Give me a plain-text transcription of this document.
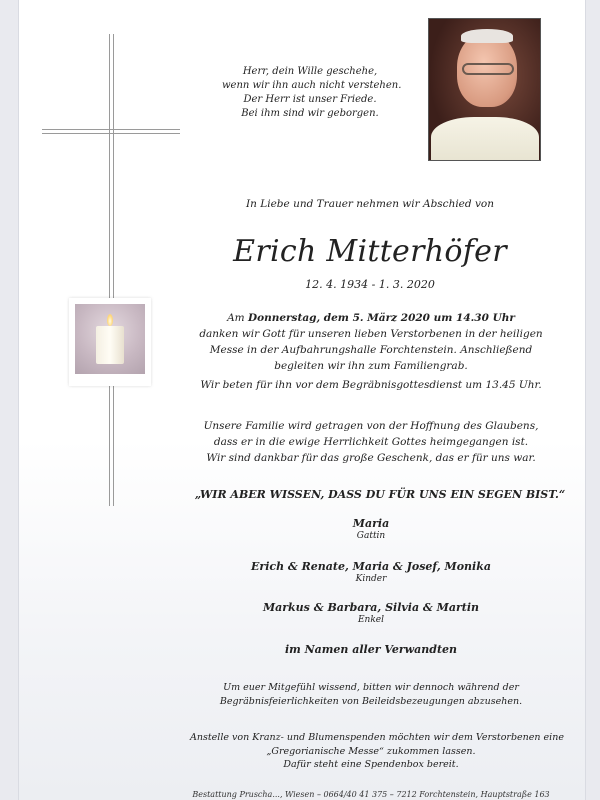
Herr, dein Wille geschehe,
wenn wir ihn auch nicht verstehen.
Der Herr ist unser Friede.
Bei ihm sind wir geborgen.
In Liebe und Trauer nehmen wir Abschied von
Erich Mitterhöfer
12. 4. 1934 - 1. 3. 2020
Am Donnerstag, dem 5. März 2020 um 14.30 Uhr
danken wir Gott für unseren lieben Verstorbenen in der heiligen
Messe in der Aufbahrungshalle Forchtenstein. Anschließend
begleiten wir ihn zum Familiengrab.
Wir beten für ihn vor dem Begräbnisgottesdienst um 13.45 Uhr.
Unsere Familie wird getragen von der Hoffnung des Glaubens,
dass er in die ewige Herrlichkeit Gottes heimgegangen ist.
Wir sind dankbar für das große Geschenk, das er für uns war.
„WIR ABER WISSEN, DASS DU FÜR UNS EIN SEGEN BIST.“
Maria
Gattin
Erich & Renate, Maria & Josef, Monika
Kinder
Markus & Barbara, Silvia & Martin
Enkel
im Namen aller Verwandten
Um euer Mitgefühl wissend, bitten wir dennoch während der
Begräbnisfeierlichkeiten von Beileidsbezeugungen abzusehen.
Anstelle von Kranz- und Blumenspenden möchten wir dem Verstorbenen eine
„Gregorianische Messe“ zukommen lassen.
Dafür steht eine Spendenbox bereit.
Bestattung Pruscha..., Wiesen – 0664/40 41 375 – 7212 Forchtenstein, Hauptstraße 163
